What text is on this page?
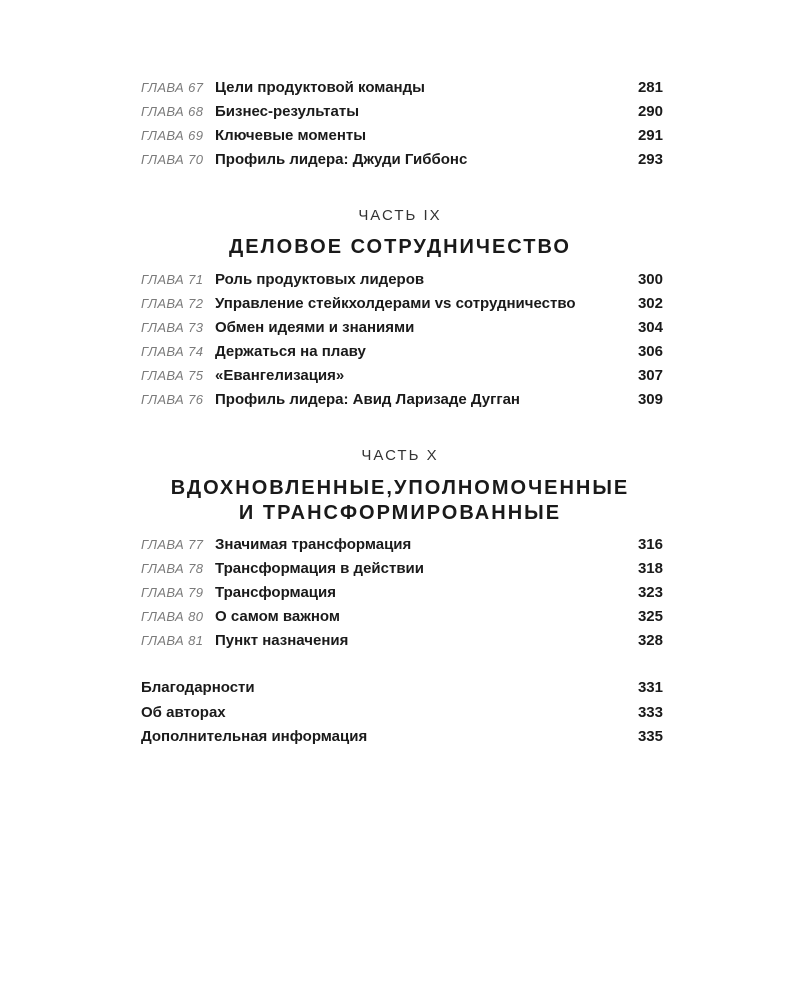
ГЛАВА 67 Цели продуктовой команды	281
ГЛАВА 68 Бизнес-результаты	290
ГЛАВА 69 Ключевые моменты	291
ГЛАВА 70 Профиль лидера: Джуди Гиббонс	293
ЧАСТЬ IX
ДЕЛОВОЕ СОТРУДНИЧЕСТВО
ГЛАВА 71 Роль продуктовых лидеров	300
ГЛАВА 72 Управление стейкхолдерами vs сотрудничество	302
ГЛАВА 73 Обмен идеями и знаниями	304
ГЛАВА 74 Держаться на плаву	306
ГЛАВА 75 «Евангелизация»	307
ГЛАВА 76 Профиль лидера: Авид Ларизаде Дугган	309
ЧАСТЬ X
ВДОХНОВЛЕННЫЕ,УПОЛНОМОЧЕННЫЕ
И ТРАНСФОРМИРОВАННЫЕ
ГЛАВА 77 Значимая трансформация	316
ГЛАВА 78 Трансформация в действии	318
ГЛАВА 79 Трансформация	323
ГЛАВА 80 О самом важном	325
ГЛАВА 81 Пункт назначения	328
Благодарности	331
Об авторах	333
Дополнительная информация	335
